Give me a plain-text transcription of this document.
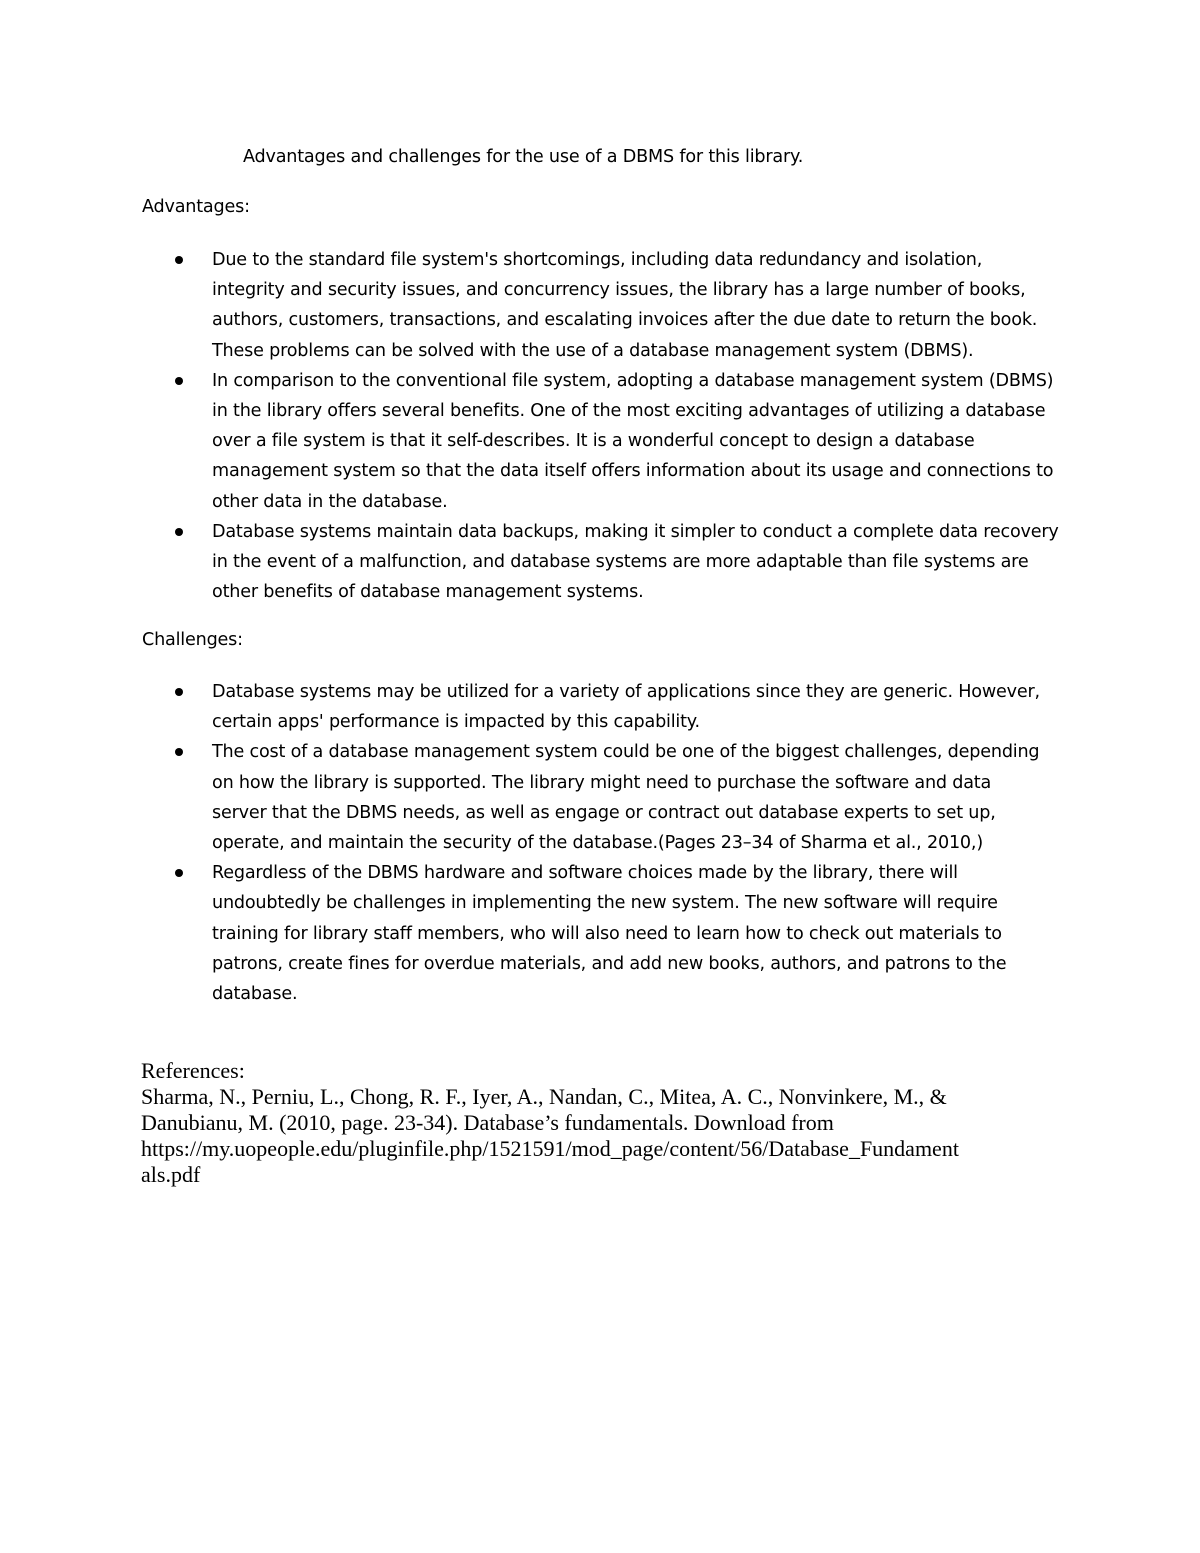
Advantages and challenges for the use of a DBMS for this library.
Advantages:
Due to the standard file system's shortcomings, including data redundancy and isolation,
integrity and security issues, and concurrency issues, the library has a large number of books,
authors, customers, transactions, and escalating invoices after the due date to return the book.
These problems can be solved with the use of a database management system (DBMS).
In comparison to the conventional file system, adopting a database management system (DBMS)
in the library offers several benefits. One of the most exciting advantages of utilizing a database
over a file system is that it self-describes. It is a wonderful concept to design a database
management system so that the data itself offers information about its usage and connections to
other data in the database.
Database systems maintain data backups, making it simpler to conduct a complete data recovery
in the event of a malfunction, and database systems are more adaptable than file systems are
other benefits of database management systems.
Challenges:
Database systems may be utilized for a variety of applications since they are generic. However,
certain apps' performance is impacted by this capability.
The cost of a database management system could be one of the biggest challenges, depending
on how the library is supported. The library might need to purchase the software and data
server that the DBMS needs, as well as engage or contract out database experts to set up,
operate, and maintain the security of the database.(Pages 23–34 of Sharma et al., 2010,)
Regardless of the DBMS hardware and software choices made by the library, there will
undoubtedly be challenges in implementing the new system. The new software will require
training for library staff members, who will also need to learn how to check out materials to
patrons, create fines for overdue materials, and add new books, authors, and patrons to the
database.
References:
Sharma, N., Perniu, L., Chong, R. F., Iyer, A., Nandan, C., Mitea, A. C., Nonvinkere, M., &
Danubianu, M. (2010, page. 23-34). Database’s fundamentals. Download from
https://my.uopeople.edu/pluginfile.php/1521591/mod_page/content/56/Database_Fundament
als.pdf
